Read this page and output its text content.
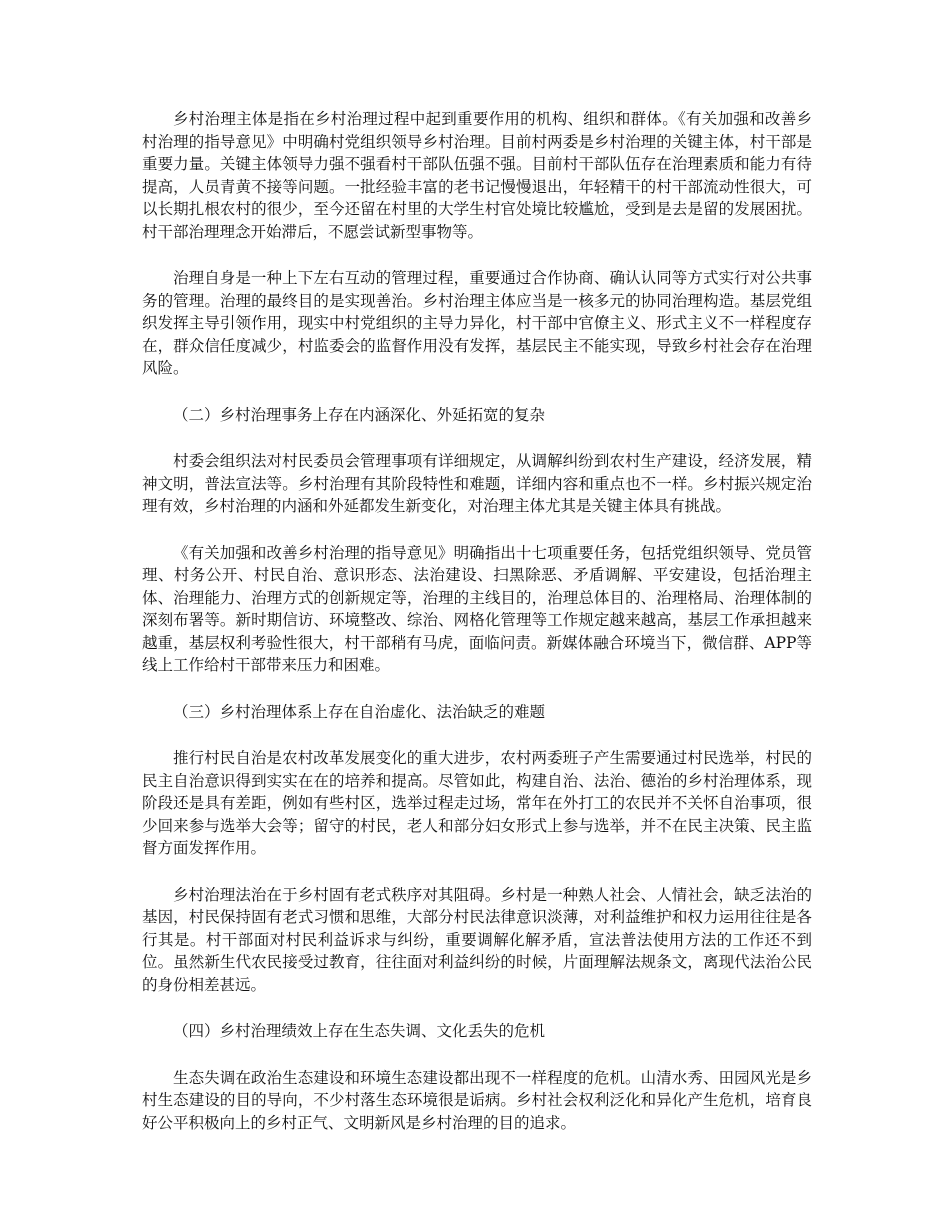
乡村治理主体是指在乡村治理过程中起到重要作用的机构、组织和群体。《有关加强和改善乡村治理的指导意见》中明确村党组织领导乡村治理。目前村两委是乡村治理的关键主体，村干部是重要力量。关键主体领导力强不强看村干部队伍强不强。目前村干部队伍存在治理素质和能力有待提高，人员青黄不接等问题。一批经验丰富的老书记慢慢退出，年轻精干的村干部流动性很大，可以长期扎根农村的很少，至今还留在村里的大学生村官处境比较尴尬，受到是去是留的发展困扰。村干部治理理念开始滞后，不愿尝试新型事物等。

治理自身是一种上下左右互动的管理过程，重要通过合作协商、确认认同等方式实行对公共事务的管理。治理的最终目的是实现善治。乡村治理主体应当是一核多元的协同治理构造。基层党组织发挥主导引领作用，现实中村党组织的主导力异化，村干部中官僚主义、形式主义不一样程度存在，群众信任度减少，村监委会的监督作用没有发挥，基层民主不能实现，导致乡村社会存在治理风险。

（二）乡村治理事务上存在内涵深化、外延拓宽的复杂

村委会组织法对村民委员会管理事项有详细规定，从调解纠纷到农村生产建设，经济发展，精神文明，普法宣法等。乡村治理有其阶段特性和难题，详细内容和重点也不一样。乡村振兴规定治理有效，乡村治理的内涵和外延都发生新变化，对治理主体尤其是关键主体具有挑战。

《有关加强和改善乡村治理的指导意见》明确指出十七项重要任务，包括党组织领导、党员管理、村务公开、村民自治、意识形态、法治建设、扫黑除恶、矛盾调解、平安建设，包括治理主体、治理能力、治理方式的创新规定等，治理的主线目的，治理总体目的、治理格局、治理体制的深刻布署等。新时期信访、环境整改、综治、网格化管理等工作规定越来越高，基层工作承担越来越重，基层权利考验性很大，村干部稍有马虎，面临问责。新媒体融合环境当下，微信群、APP等线上工作给村干部带来压力和困难。

（三）乡村治理体系上存在自治虚化、法治缺乏的难题

推行村民自治是农村改革发展变化的重大进步，农村两委班子产生需要通过村民选举，村民的民主自治意识得到实实在在的培养和提高。尽管如此，构建自治、法治、德治的乡村治理体系，现阶段还是具有差距，例如有些村区，选举过程走过场，常年在外打工的农民并不关怀自治事项，很少回来参与选举大会等；留守的村民，老人和部分妇女形式上参与选举，并不在民主决策、民主监督方面发挥作用。

乡村治理法治在于乡村固有老式秩序对其阻碍。乡村是一种熟人社会、人情社会，缺乏法治的基因，村民保持固有老式习惯和思维，大部分村民法律意识淡薄，对利益维护和权力运用往往是各行其是。村干部面对村民利益诉求与纠纷，重要调解化解矛盾，宣法普法使用方法的工作还不到位。虽然新生代农民接受过教育，往往面对利益纠纷的时候，片面理解法规条文，离现代法治公民的身份相差甚远。

（四）乡村治理绩效上存在生态失调、文化丢失的危机

生态失调在政治生态建设和环境生态建设都出现不一样程度的危机。山清水秀、田园风光是乡村生态建设的目的导向，不少村落生态环境很是诟病。乡村社会权利泛化和异化产生危机，培育良好公平积极向上的乡村正气、文明新风是乡村治理的目的追求。
